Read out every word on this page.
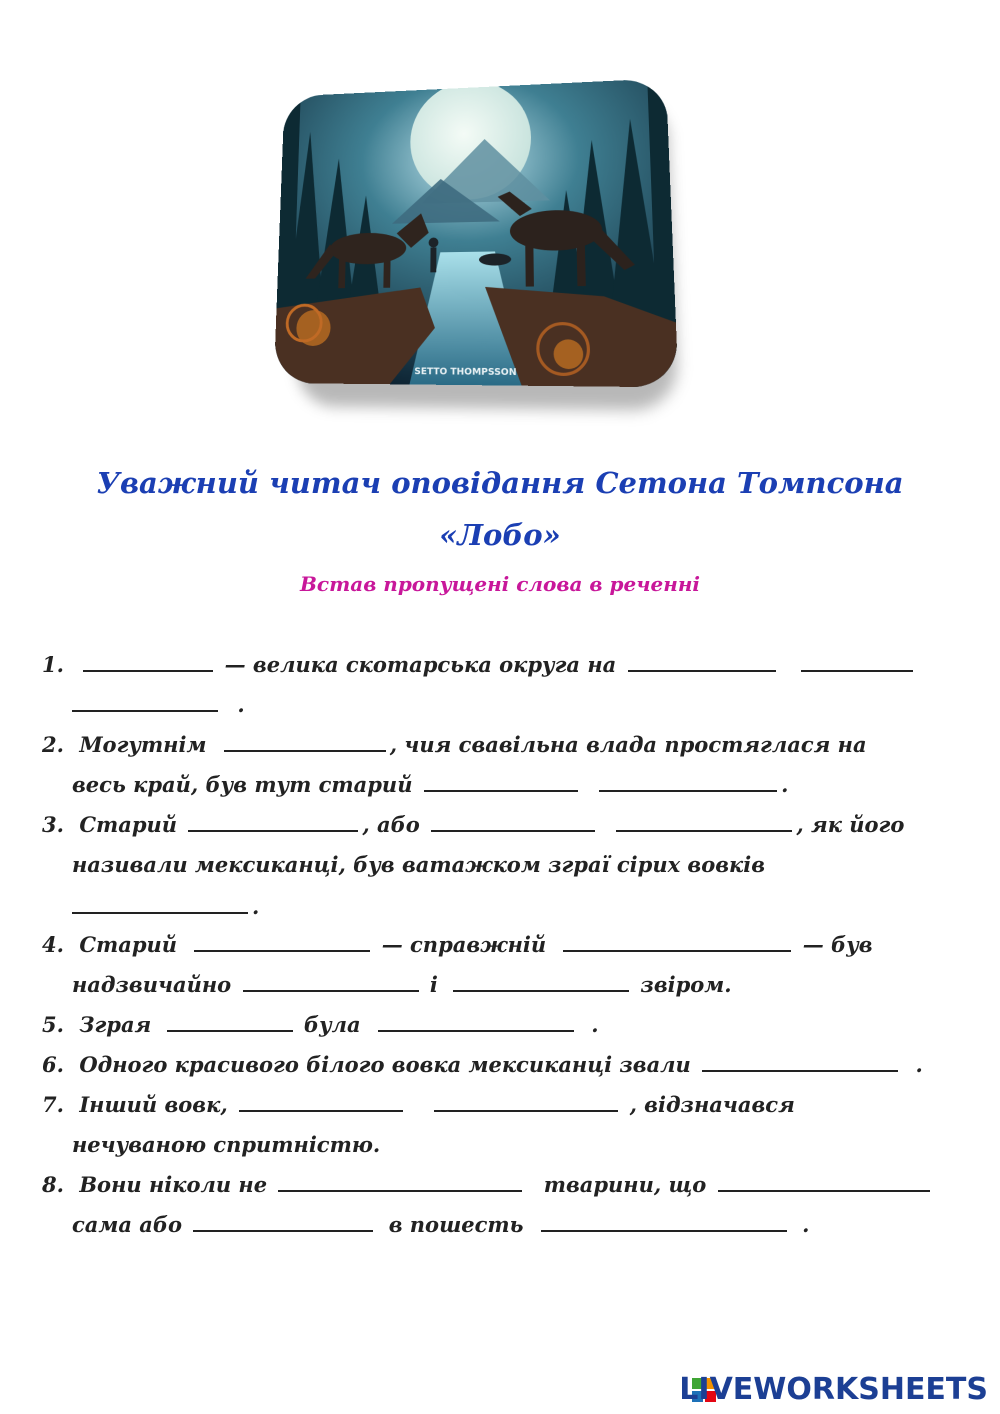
SETTO THOMPSSON
Уважний читач оповідання Сетона Томпсона
«Лобо»
Встав пропущені слова в реченні
1.	— велика скотарська округа на
.
2. Могутнім	, чия свавільна влада простяглася на
весь край, був тут старий	.
3. Старий	, або	, як його
називали мексиканці, був ватажком зграї сірих вовків
.
4. Старий	— справжній	— був
надзвичайно	і	звіром.
5. Зграя	була	.
6. Одного красивого білого вовка мексиканці звали	.
7. Інший вовк,	, відзначався
нечуваною спритністю.
8. Вони ніколи не	тварини, що
сама або	в пошесть	.
LIVEWORKSHEETS
